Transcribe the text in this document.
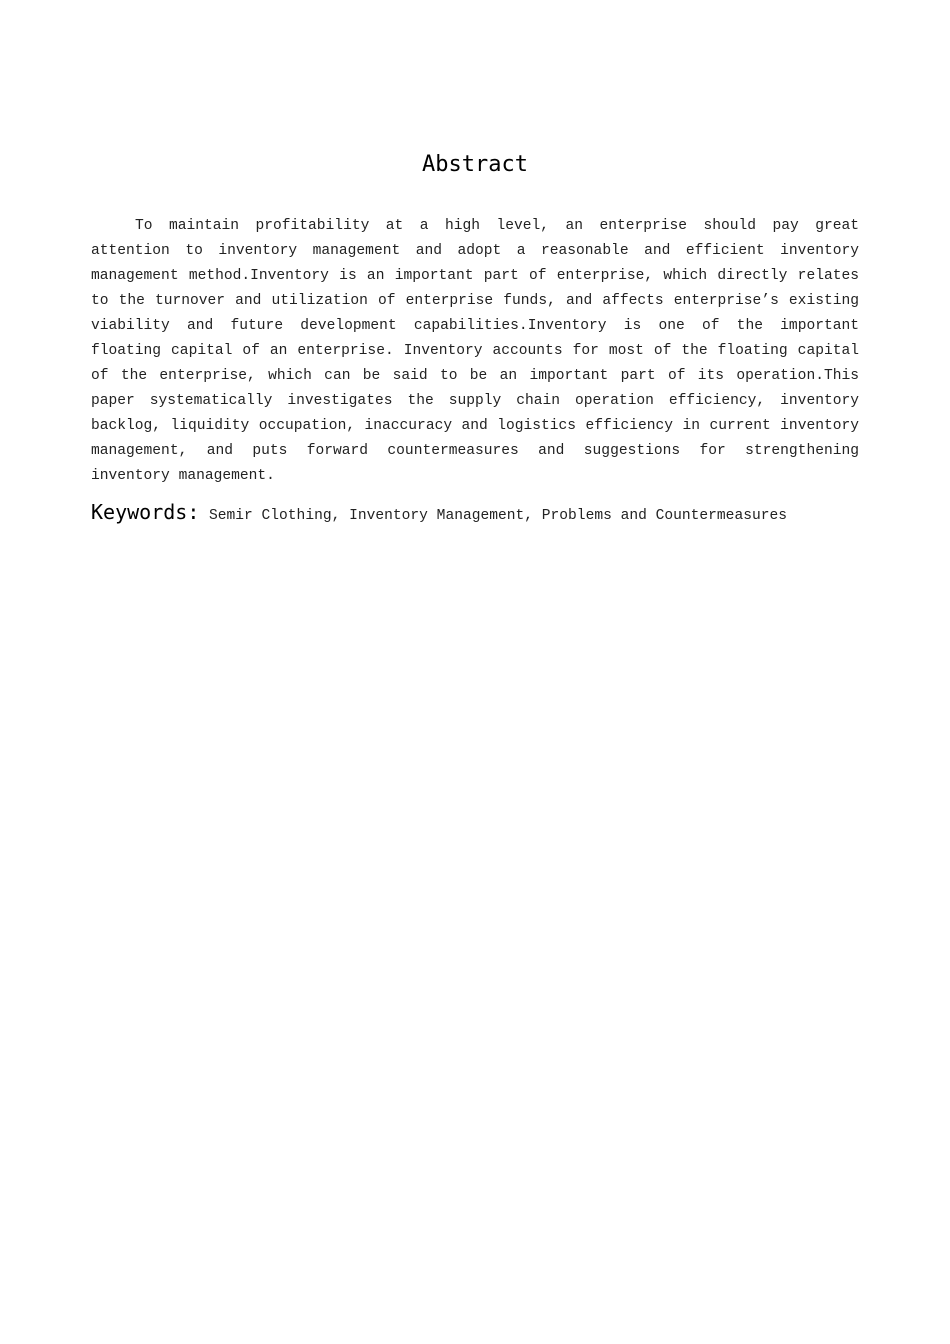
Abstract

To maintain profitability at a high level, an enterprise should pay great attention to inventory management and adopt a reasonable and efficient inventory management method.Inventory is an important part of enterprise, which directly relates to the turnover and utilization of enterprise funds, and affects enterprise’s existing viability and future development capabilities.Inventory is one of the important floating capital of an enterprise. Inventory accounts for most of the floating capital of the enterprise, which can be said to be an important part of its operation.This paper systematically investigates the supply chain operation efficiency, inventory backlog, liquidity occupation, inaccuracy and logistics efficiency in current inventory management, and puts forward countermeasures and suggestions for strengthening inventory management.

Keywords: Semir Clothing, Inventory Management, Problems and Countermeasures
